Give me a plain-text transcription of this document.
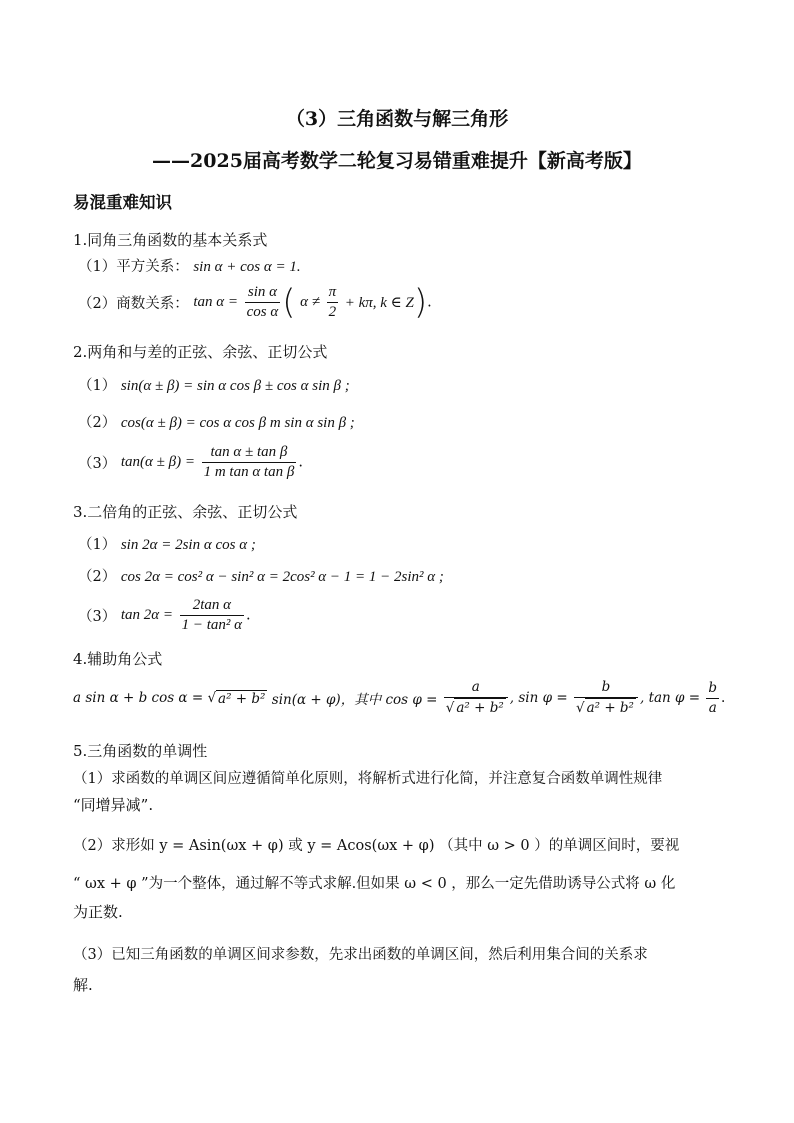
（3）三角函数与解三角形
——2025届高考数学二轮复习易错重难提升【新高考版】
易混重难知识
1.同角三角函数的基本关系式
（1）平方关系： sin α + cos α = 1.
（2）商数关系： $\tan \alpha = \frac{\text{sin α}}{\text{cos α}}$ ( $\alpha \ne \frac{\pi}{2} + k\pi$, k ∈ Z).
2.两角和与差的正弦、余弦、正切公式
（1） sin(α ± β) = sin α cos β ± cos α sin β ;
（2） cos(α ± β) = cos α cos β m sin α sin β ;
（3） $\tan(\alpha \pm \beta) = \frac{\text{tan α ± tan β}}{\text{1 m tan α tan β}}$ .
3.二倍角的正弦、余弦、正切公式
（1） sin 2α = 2sin α cos α ;
（2） cos 2α = cos² α − sin² α = 2cos² α − 1 = 1 − 2sin² α ;
（3） $\tan 2\alpha = \frac{\text{2tan α}}{\text{1 − tan² α}}$ .
4.辅助角公式
a sin α + b cos α = √ a² + b² sin(α + φ)，其中 $\cos \varphi = \frac{a}{\text{√ a² + b²}}$ , $\sin \varphi = \frac{b}{\text{√ a² + b²}}$ , $\tan \varphi = \frac{b}{a}$ .
5.三角函数的单调性
（1）求函数的单调区间应遵循简单化原则，将解析式进行化简，并注意复合函数单调性规律
“同增异减”.
（2）求形如 y = Asin(ωx + φ) 或 y = Acos(ωx + φ) （其中 ω > 0 ）的单调区间时，要视
“ ωx + φ ”为一个整体，通过解不等式求解.但如果 ω < 0 ，那么一定先借助诱导公式将 ω 化
为正数.
（3）已知三角函数的单调区间求参数，先求出函数的单调区间，然后利用集合间的关系求
解.
